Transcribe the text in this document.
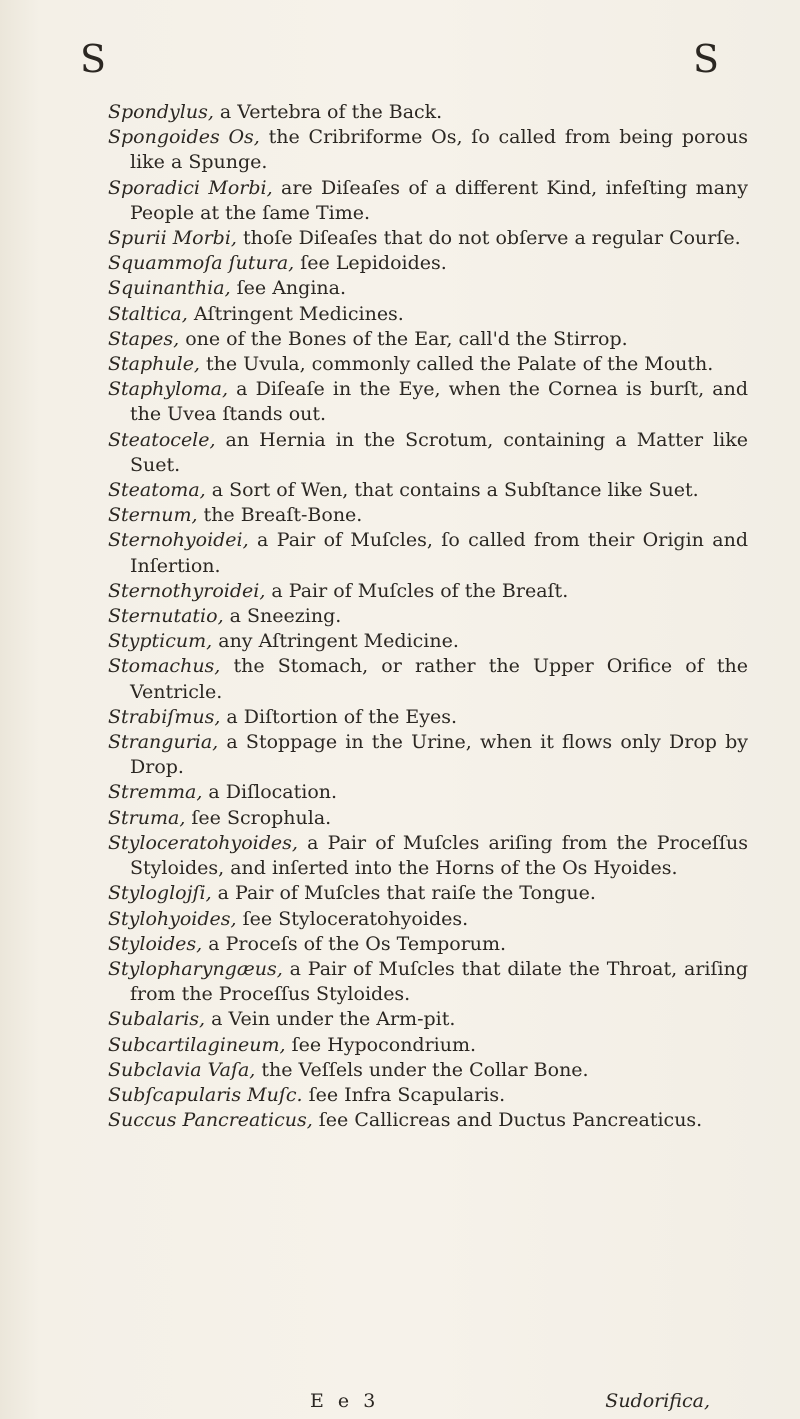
S	S

Spondylus, a Vertebra of the Back.

Spongoides Os, the Cribriforme Os, ſo called from being porous like a Spunge.

Sporadici Morbi, are Diſeaſes of a different Kind, infeſting many People at the ſame Time.

Spurii Morbi, thoſe Diſeaſes that do not obſerve a regular Courſe.

Squammoſa ſutura, ſee Lepidoides.

Squinanthia, ſee Angina.

Staltica, Aſtringent Medicines.

Stapes, one of the Bones of the Ear, call'd the Stirrop.

Staphule, the Uvula, commonly called the Palate of the Mouth.

Staphyloma, a Diſeaſe in the Eye, when the Cornea is burſt, and the Uvea ſtands out.

Steatocele, an Hernia in the Scrotum, containing a Matter like Suet.

Steatoma, a Sort of Wen, that contains a Subſtance like Suet.

Sternum, the Breaſt-Bone.

Sternohyoidei, a Pair of Muſcles, ſo called from their Origin and Inſertion.

Sternothyroidei, a Pair of Muſcles of the Breaſt.

Sternutatio, a Sneezing.

Stypticum, any Aſtringent Medicine.

Stomachus, the Stomach, or rather the Upper Orifice of the Ventricle.

Strabiſmus, a Diſtortion of the Eyes.

Stranguria, a Stoppage in the Urine, when it flows only Drop by Drop.

Stremma, a Diſlocation.

Struma, ſee Scrophula.

Styloceratohyoides, a Pair of Muſcles ariſing from the Proceſſus Styloides, and inſerted into the Horns of the Os Hyoides.

Styloglojſi, a Pair of Muſcles that raiſe the Tongue.

Stylohyoides, ſee Styloceratohyoides.

Styloides, a Proceſs of the Os Temporum.

Stylopharyngæus, a Pair of Muſcles that dilate the Throat, ariſing from the Proceſſus Styloides.

Subalaris, a Vein under the Arm-pit.

Subcartilagineum, ſee Hypocondrium.

Subclavia Vaſa, the Veſſels under the Collar Bone.

Subſcapularis Muſc. ſee Infra Scapularis.

Succus Pancreaticus, ſee Callicreas and Ductus Pancreaticus.

E e 3	Sudorifica,
